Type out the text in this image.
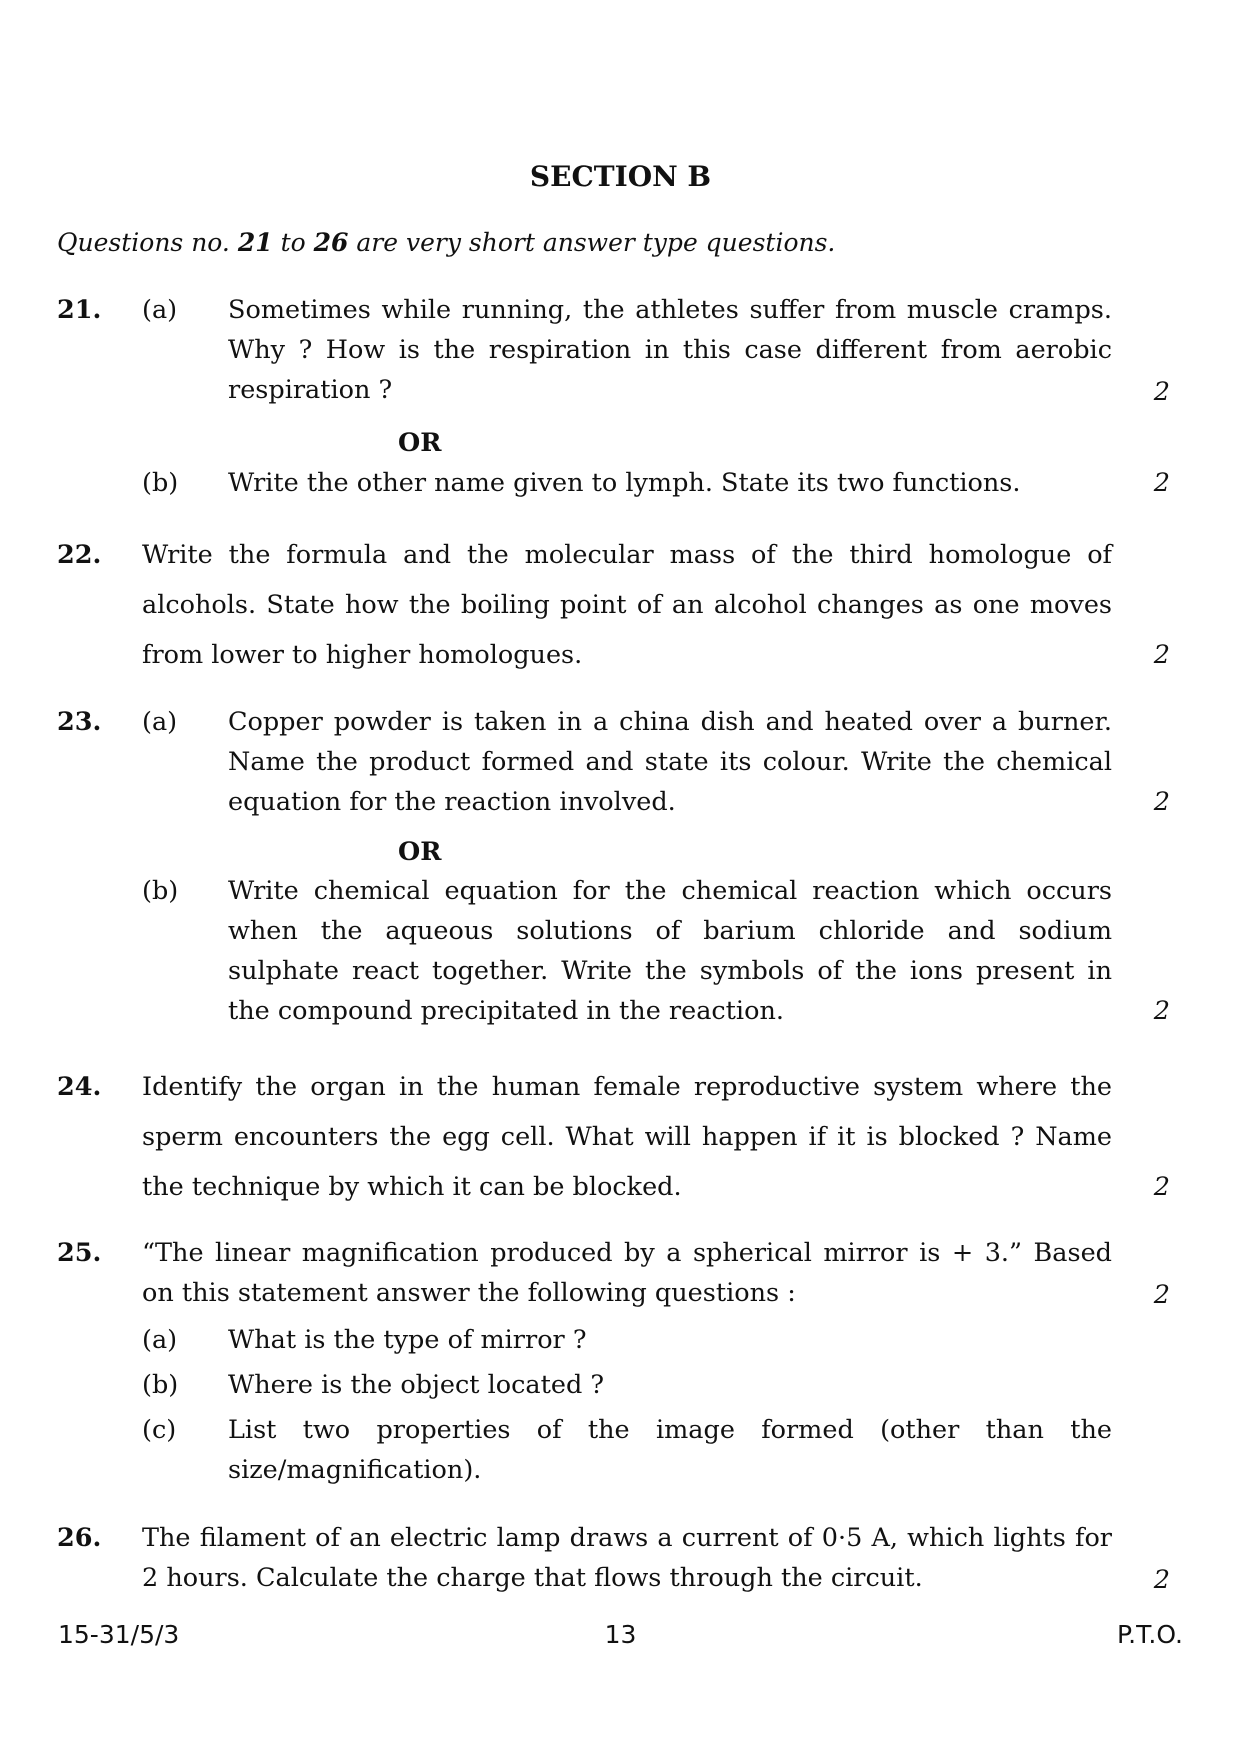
SECTION B
Questions no. 21 to 26 are very short answer type questions.
21. (a) Sometimes while running, the athletes suffer from muscle cramps. Why ? How is the respiration in this case different from aerobic respiration ?	2
OR
(b) Write the other name given to lymph. State its two functions.	2
22. Write the formula and the molecular mass of the third homologue of alcohols. State how the boiling point of an alcohol changes as one moves from lower to higher homologues.	2
23. (a) Copper powder is taken in a china dish and heated over a burner. Name the product formed and state its colour. Write the chemical equation for the reaction involved.	2
OR
(b) Write chemical equation for the chemical reaction which occurs when the aqueous solutions of barium chloride and sodium sulphate react together. Write the symbols of the ions present in the compound precipitated in the reaction.	2
24. Identify the organ in the human female reproductive system where the sperm encounters the egg cell. What will happen if it is blocked ? Name the technique by which it can be blocked.	2
25. “The linear magnification produced by a spherical mirror is + 3.” Based on this statement answer the following questions :	2
(a) What is the type of mirror ?
(b) Where is the object located ?
(c) List two properties of the image formed (other than the size/magnification).
26. The filament of an electric lamp draws a current of 0·5 A, which lights for 2 hours. Calculate the charge that flows through the circuit.	2
15-31/5/3	13	P.T.O.
